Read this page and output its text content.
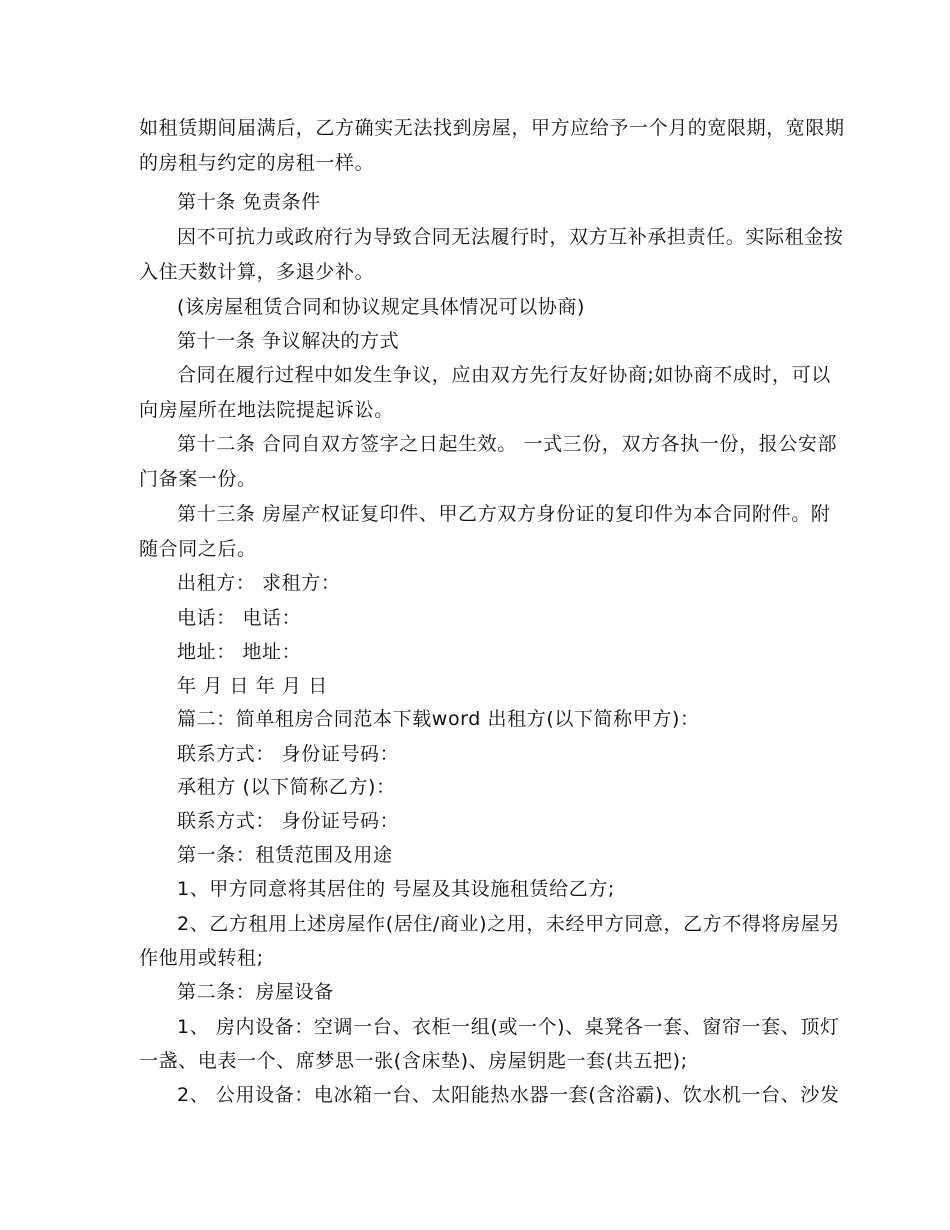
如租赁期间届满后，乙方确实无法找到房屋，甲方应给予一个月的宽限期，宽限期
的房租与约定的房租一样。
第十条 免责条件
因不可抗力或政府行为导致合同无法履行时，双方互补承担责任。实际租金按
入住天数计算，多退少补。
(该房屋租赁合同和协议规定具体情况可以协商)
第十一条 争议解决的方式
合同在履行过程中如发生争议，应由双方先行友好协商;如协商不成时，可以
向房屋所在地法院提起诉讼。
第十二条 合同自双方签字之日起生效。 一式三份，双方各执一份，报公安部
门备案一份。
第十三条 房屋产权证复印件、甲乙方双方身份证的复印件为本合同附件。附
随合同之后。
出租方： 求租方：
电话： 电话：
地址： 地址：
年 月 日 年 月 日
篇二：简单租房合同范本下载word 出租方(以下简称甲方)：
联系方式： 身份证号码：
承租方 (以下简称乙方)：
联系方式： 身份证号码：
第一条：租赁范围及用途
1、甲方同意将其居住的 号屋及其设施租赁给乙方;
2、乙方租用上述房屋作(居住/商业)之用，未经甲方同意，乙方不得将房屋另
作他用或转租;
第二条：房屋设备
1、 房内设备：空调一台、衣柜一组(或一个)、桌凳各一套、窗帘一套、顶灯
一盏、电表一个、席梦思一张(含床垫)、房屋钥匙一套(共五把);
2、 公用设备：电冰箱一台、太阳能热水器一套(含浴霸)、饮水机一台、沙发
